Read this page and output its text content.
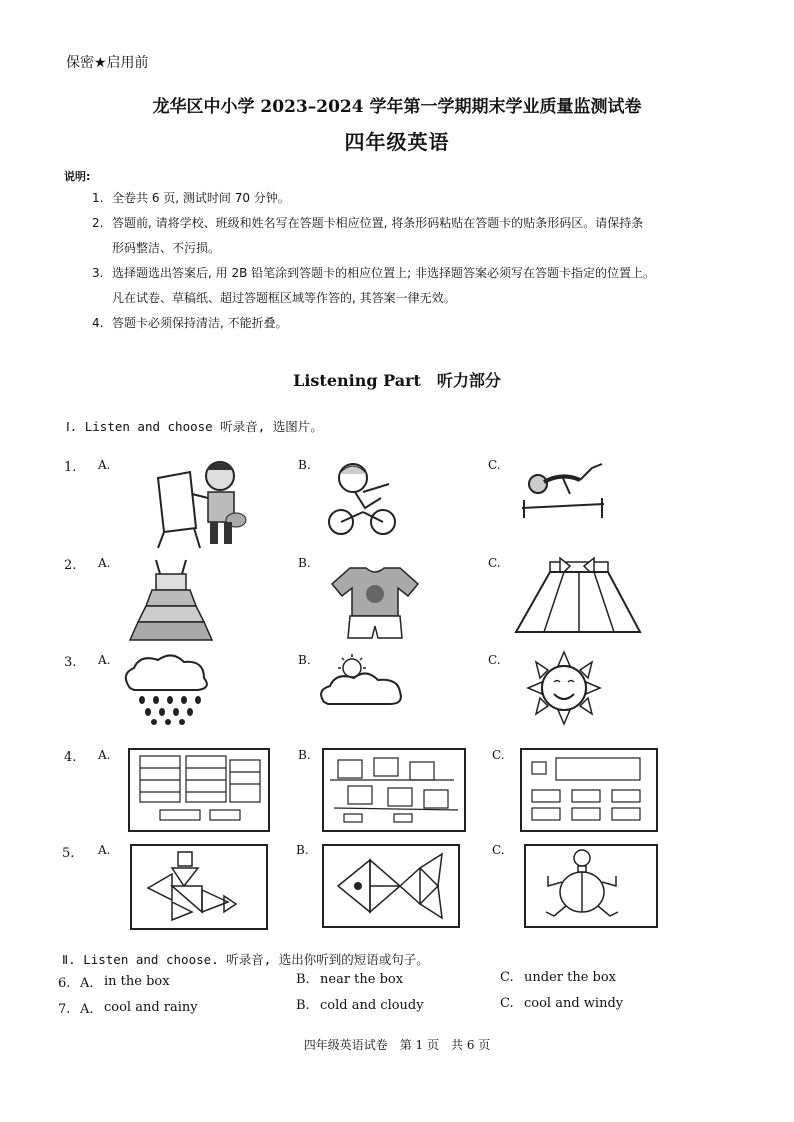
保密★启用前
龙华区中小学 2023–2024 学年第一学期期末学业质量监测试卷
四年级英语
说明:
1. 全卷共 6 页, 测试时间 70 分钟。
2. 答题前, 请将学校、班级和姓名写在答题卡相应位置, 将条形码粘贴在答题卡的贴条形码区。请保持条
形码整洁、不污损。
3. 选择题选出答案后, 用 2B 铅笔涂到答题卡的相应位置上; 非选择题答案必须写在答题卡指定的位置上。
凡在试卷、草稿纸、超过答题框区域等作答的, 其答案一律无效。
4. 答题卡必须保持清洁, 不能折叠。
Listening Part　听力部分
Ⅰ. Listen and choose 听录音, 选图片。
1. A.	B.	C.
2. A.	B.	C.
3. A.	B.	C.
4. A.	B.	C.
5. A.	B.	C.
Ⅱ. Listen and choose. 听录音, 选出你听到的短语或句子。
6. A. in the box	B. near the box	C. under the box
7. A. cool and rainy	B. cold and cloudy	C. cool and windy
四年级英语试卷　第 1 页　共 6 页
